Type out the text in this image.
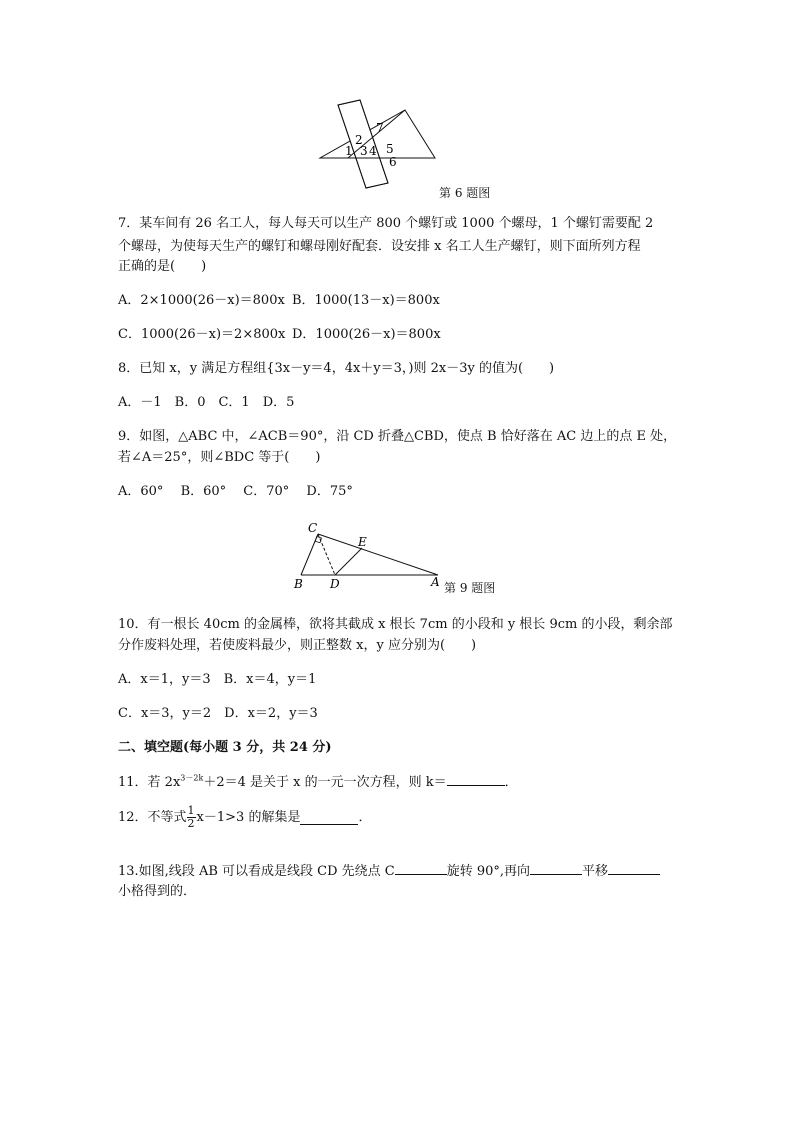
7
2
1 3 4 5
6
第 6 题图
7．某车间有 26 名工人，每人每天可以生产 800 个螺钉或 1000 个螺母，1 个螺钉需要配 2
个螺母，为使每天生产的螺钉和螺母刚好配套．设安排 x 名工人生产螺钉，则下面所列方程
正确的是(　　)
A．2×1000(26－x)＝800x B．1000(13－x)＝800x
C．1000(26－x)＝2×800x D．1000(26－x)＝800x
8．已知 x，y 满足方程组{3x－y＝4，4x＋y＝3，)则 2x－3y 的值为(　　)
A．－1　B．0　C．1　D．5
9．如图，△ABC 中，∠ACB＝90°，沿 CD 折叠△CBD，使点 B 恰好落在 AC 边上的点 E 处，
若∠A＝25°，则∠BDC 等于(　　)
A．60°　 B．60°　 C．70°　 D．75°
C
E
B D	A 第 9 题图
10．有一根长 40cm 的金属棒，欲将其截成 x 根长 7cm 的小段和 y 根长 9cm 的小段，剩余部
分作废料处理，若使废料最少，则正整数 x，y 应分别为(　　)
A．x＝1，y＝3　B．x＝4，y＝1
C．x＝3，y＝2　D．x＝2，y＝3
二、填空题(每小题 3 分，共 24 分)
11．若 $2x^{3-2k}+2=4$ 是关于 x 的一元一次方程，则 k＝	．
12．不等式 $\frac{1}{2} x-1>3$ 的解集是	．
13.如图,线段 AB 可以看成是线段 CD 先绕点 C	旋转 90°,再向	平移
小格得到的．
